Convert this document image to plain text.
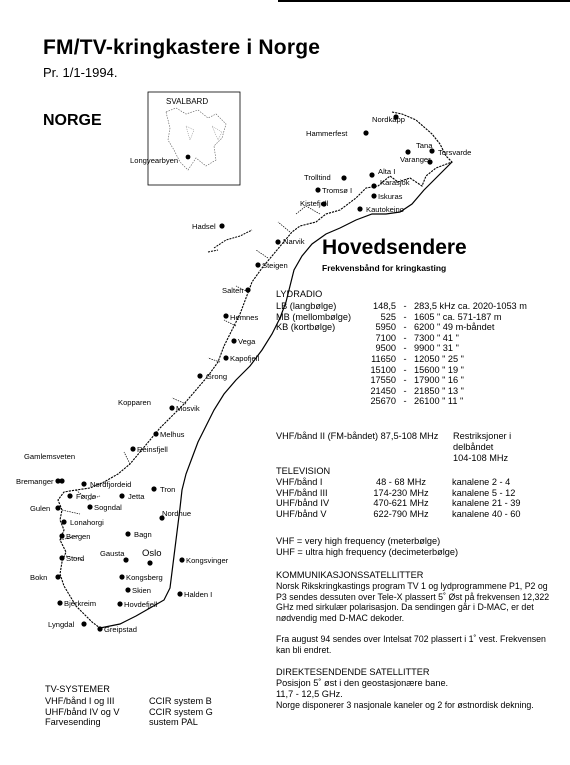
FM/TV-kringkastere i Norge
Pr. 1/1-1994.
NORGE
SVALBARD
Longyearbyen
Nordkapp
Hammerfest
Tana
Torsvarde
Varanger
Alta I
Karasjok
Trolltind
Tromsø I
Iskuras
Kistefjell
Kautokeino
Hadsel
Narvik
Steigen
Salten
Hemnes
Vega
Kapofjell
Grong
Kopparen
Mosvik
Melhus
Reinsfjell
Gamlemsveten
Bremanger	Nordfjordeid
Førde	Jetta
Tron
Gulen	Sogndal
Lonahorgi
Bergen	Bagn
Nordhue
Gausta Oslo
Stord	Kongsvinger
Bokn	Kongsberg
Skien	Halden I
Bjerkreim	Hovdefjell
Lyngdal
Greipstad
Hovedsendere
Frekvensbånd for kringkasting
LYDRADIO
LB (langbølge)	148,5	-	283,5 kHz ca. 2020-1053 m
MB (mellombølge)	525	-	1605 " ca. 571-187 m
KB (kortbølge)	5950	-	6200 " 49 m-båndet
	7100	-	7300 " 41 "
	9500	-	9900 " 31 "
	11650	-	12050 " 25 "
	15100	-	15600 " 19 "
	17550	-	17900 " 16 "
	21450	-	21850 " 13 "
	25670	-	26100 " 11 "
VHF/bånd II (FM-båndet) 87,5-108 MHz Restriksjoner i
delbåndet
104-108 MHz
TELEVISION
VHF/bånd I	48 - 68 MHz	kanalene 2 - 4
VHF/bånd III	174-230 MHz	kanalene 5 - 12
UHF/bånd IV	470-621 MHz	kanalene 21 - 39
UHF/bånd V	622-790 MHz	kanalene 40 - 60
VHF = very high frequency (meterbølge)
UHF = ultra high frequency (decimeterbølge)
KOMMUNIKASJONSSATELLITTER
Norsk Rikskringkastings program TV 1 og lydprogrammene P1, P2 og P3 sendes dessuten over Tele-X plassert 5˚ Øst på frekvensen 12,322 GHz med sirkulær polarisasjon. Da sendingen går i D-MAC, er det nødvendig med D-MAC dekoder.
Fra august 94 sendes over Intelsat 702 plassert i 1˚ vest. Frekvensen kan bli endret.
DIREKTESENDENDE SATELLITTER
Posisjon 5˚ øst i den geostasjonære bane.
11,7 - 12,5 GHz.
Norge disponerer 3 nasjonale kaneler og 2 for østnordisk dekning.
TV-SYSTEMER
VHF/bånd I og III	CCIR system B
UHF/bånd IV og V	CCIR system G
Farvesending	sustem PAL
